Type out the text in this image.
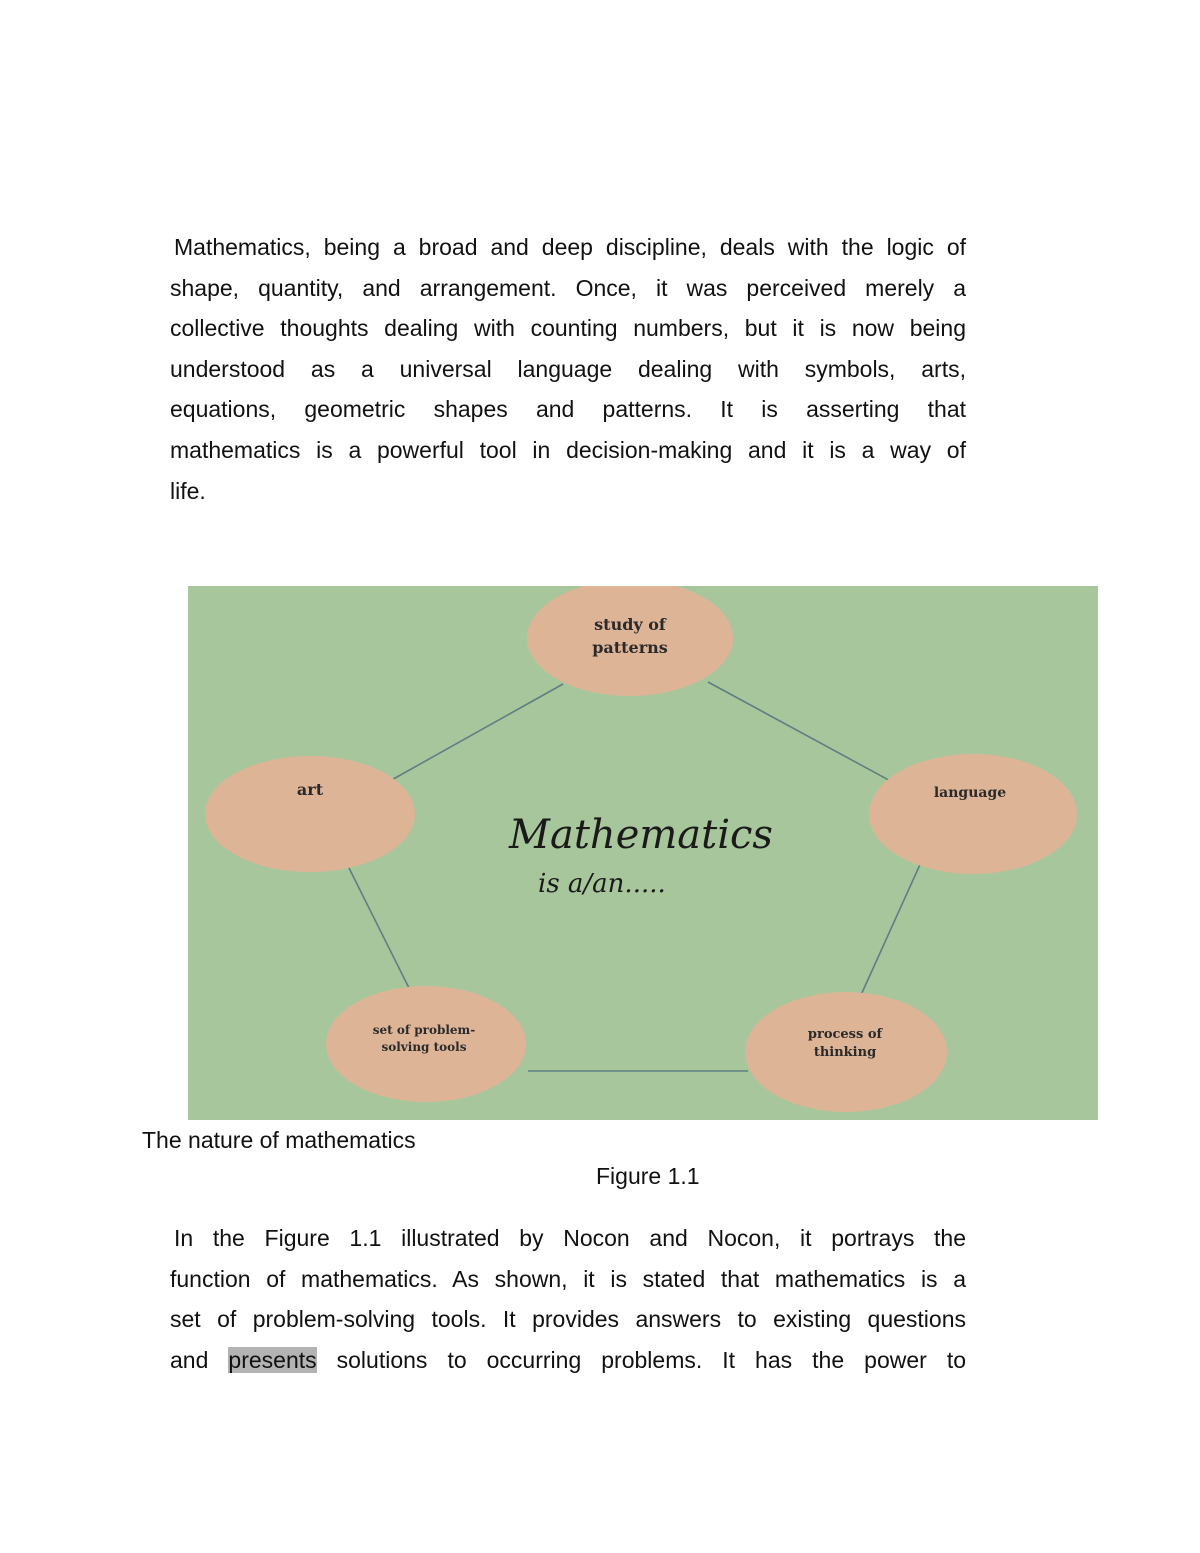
Mathematics, being a broad and deep discipline, deals with the logic of
shape, quantity, and arrangement. Once, it was perceived merely a
collective thoughts dealing with counting numbers, but it is now being
understood as a universal language dealing with symbols, arts,
equations, geometric shapes and patterns. It is asserting that
mathematics is a powerful tool in decision-making and it is a way of
life.
study of
patterns
art	language
set of problem-
solving tools
process of
thinking
Mathematics
is a/an.....

The nature of mathematics

Figure 1.1

In the Figure 1.1 illustrated by Nocon and Nocon, it portrays the
function of mathematics. As shown, it is stated that mathematics is a
set of problem-solving tools. It provides answers to existing questions
and presents solutions to occurring problems. It has the power to
